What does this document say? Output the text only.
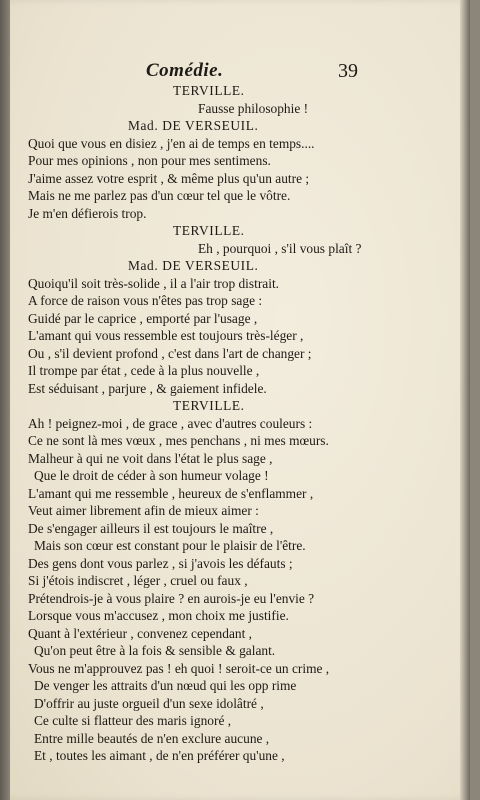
Comédie.	39
TERVILLE.
Fausse philosophie !
Mad. DE VERSEUIL.
Quoi que vous en disiez , j'en ai de temps en temps....
Pour mes opinions , non pour mes sentimens.
J'aime assez votre esprit , & même plus qu'un autre ;
Mais ne me parlez pas d'un cœur tel que le vôtre.
Je m'en défierois trop.
TERVILLE.
Eh , pourquoi , s'il vous plaît ?
Mad. DE VERSEUIL.
Quoiqu'il soit très-solide , il a l'air trop distrait.
A force de raison vous n'êtes pas trop sage :
Guidé par le caprice , emporté par l'usage ,
L'amant qui vous ressemble est toujours très-léger ,
Ou , s'il devient profond , c'est dans l'art de changer ;
Il trompe par état , cede à la plus nouvelle ,
Est séduisant , parjure , & gaiement infidele.
TERVILLE.
Ah ! peignez-moi , de grace , avec d'autres couleurs :
Ce ne sont là mes vœux , mes penchans , ni mes mœurs.
Malheur à qui ne voit dans l'état le plus sage ,
Que le droit de céder à son humeur volage !
L'amant qui me ressemble , heureux de s'enflammer ,
Veut aimer librement afin de mieux aimer :
De s'engager ailleurs il est toujours le maître ,
Mais son cœur est constant pour le plaisir de l'être.
Des gens dont vous parlez , si j'avois les défauts ;
Si j'étois indiscret , léger , cruel ou faux ,
Prétendrois-je à vous plaire ? en aurois-je eu l'envie ?
Lorsque vous m'accusez , mon choix me justifie.
Quant à l'extérieur , convenez cependant ,
Qu'on peut être à la fois & sensible & galant.
Vous ne m'approuvez pas ! eh quoi ! seroit-ce un crime ,
De venger les attraits d'un nœud qui les opp rime
D'offrir au juste orgueil d'un sexe idolâtré ,
Ce culte si flatteur des maris ignoré ,
Entre mille beautés de n'en exclure aucune ,
Et , toutes les aimant , de n'en préférer qu'une ,
